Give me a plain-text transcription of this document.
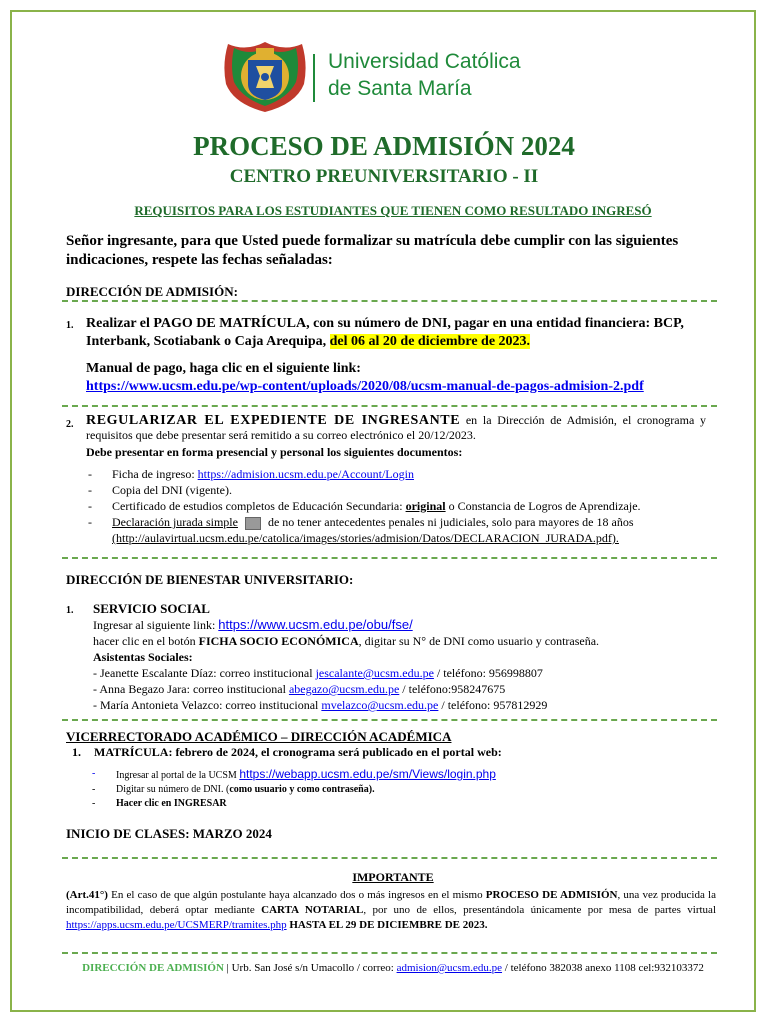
Universidad Católica
de Santa María
PROCESO DE ADMISIÓN 2024
CENTRO PREUNIVERSITARIO - II
REQUISITOS PARA LOS ESTUDIANTES QUE TIENEN COMO RESULTADO INGRESÓ
Señor ingresante, para que Usted puede formalizar su matrícula debe cumplir con las siguientes indicaciones, respete las fechas señaladas:
DIRECCIÓN DE ADMISIÓN:
1. Realizar el PAGO DE MATRÍCULA, con su número de DNI, pagar en una entidad financiera: BCP, Interbank, Scotiabank o Caja Arequipa, del 06 al 20 de diciembre de 2023.
Manual de pago, haga clic en el siguiente link:
https://www.ucsm.edu.pe/wp-content/uploads/2020/08/ucsm-manual-de-pagos-admision-2.pdf
2. REGULARIZAR EL EXPEDIENTE DE INGRESANTE en la Dirección de Admisión, el cronograma y requisitos que debe presentar será remitido a su correo electrónico el 20/12/2023.
Debe presentar en forma presencial y personal los siguientes documentos:
- Ficha de ingreso: https://admision.ucsm.edu.pe/Account/Login
- Copia del DNI (vigente).
- Certificado de estudios completos de Educación Secundaria: original o Constancia de Logros de Aprendizaje.
- Declaración jurada simple	de no tener antecedentes penales ni judiciales, solo para mayores de 18 años
(http://aulavirtual.ucsm.edu.pe/catolica/images/stories/admision/Datos/DECLARACION_JURADA.pdf).
DIRECCIÓN DE BIENESTAR UNIVERSITARIO:
1. SERVICIO SOCIAL
Ingresar al siguiente link: https://www.ucsm.edu.pe/obu/fse/
hacer clic en el botón FICHA SOCIO ECONÓMICA, digitar su N° de DNI como usuario y contraseña.
Asistentas Sociales:
- Jeanette Escalante Díaz: correo institucional jescalante@ucsm.edu.pe / teléfono: 956998807
- Anna Begazo Jara: correo institucional abegazo@ucsm.edu.pe / teléfono:958247675
- María Antonieta Velazco: correo institucional mvelazco@ucsm.edu.pe / teléfono: 957812929
VICERRECTORADO ACADÉMICO – DIRECCIÓN ACADÉMICA
1. MATRÍCULA: febrero de 2024, el cronograma será publicado en el portal web:
- Ingresar al portal de la UCSM https://webapp.ucsm.edu.pe/sm/Views/login.php
- Digitar su número de DNI. (como usuario y como contraseña).
- Hacer clic en INGRESAR
INICIO DE CLASES: MARZO 2024
IMPORTANTE
(Art.41°) En el caso de que algún postulante haya alcanzado dos o más ingresos en el mismo PROCESO DE ADMISIÓN, una vez producida la incompatibilidad, deberá optar mediante CARTA NOTARIAL, por uno de ellos, presentándola únicamente por mesa de partes virtual https://apps.ucsm.edu.pe/UCSMERP/tramites.php HASTA EL 29 DE DICIEMBRE DE 2023.
DIRECCIÓN DE ADMISIÓN | Urb. San José s/n Umacollo / correo: admision@ucsm.edu.pe / teléfono 382038 anexo 1108 cel:932103372
